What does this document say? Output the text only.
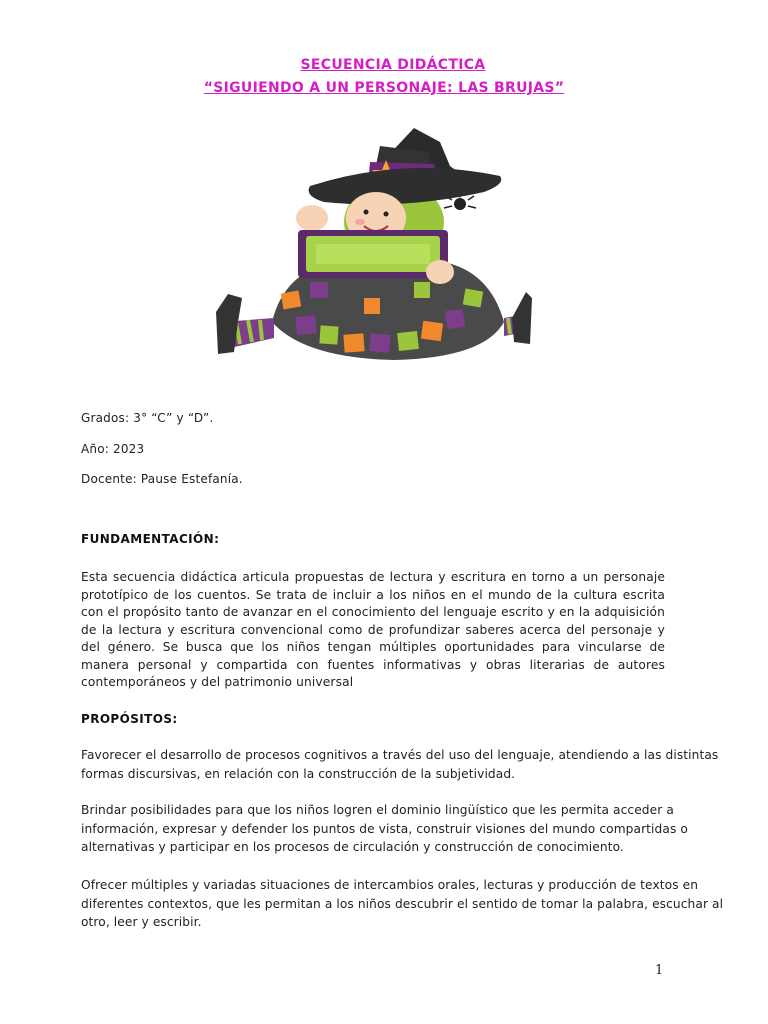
SECUENCIA DIDÁCTICA
“SIGUIENDO A UN PERSONAJE: LAS BRUJAS”
Grados: 3° “C” y “D”.
Año: 2023
Docente: Pause Estefanía.
FUNDAMENTACIÓN:

Esta secuencia didáctica articula propuestas de lectura y escritura en torno a un personaje prototípico de los cuentos. Se trata de incluir a los niños en el mundo de la cultura escrita con el propósito tanto de avanzar en el conocimiento del lenguaje escrito y en la adquisición de la lectura y escritura convencional como de profundizar saberes acerca del personaje y del género. Se busca que los niños tengan múltiples oportunidades para vincularse de manera personal y compartida con fuentes informativas y obras literarias de autores contemporáneos y del patrimonio universal

PROPÓSITOS:

Favorecer el desarrollo de procesos cognitivos a través del uso del lenguaje, atendiendo a las distintas formas discursivas, en relación con la construcción de la subjetividad.

Brindar posibilidades para que los niños logren el dominio lingüístico que les permita acceder a información, expresar y defender los puntos de vista, construir visiones del mundo compartidas o alternativas y participar en los procesos de circulación y construcción de conocimiento.

Ofrecer múltiples y variadas situaciones de intercambios orales, lecturas y producción de textos en diferentes contextos, que les permitan a los niños descubrir el sentido de tomar la palabra, escuchar al otro, leer y escribir.

1
